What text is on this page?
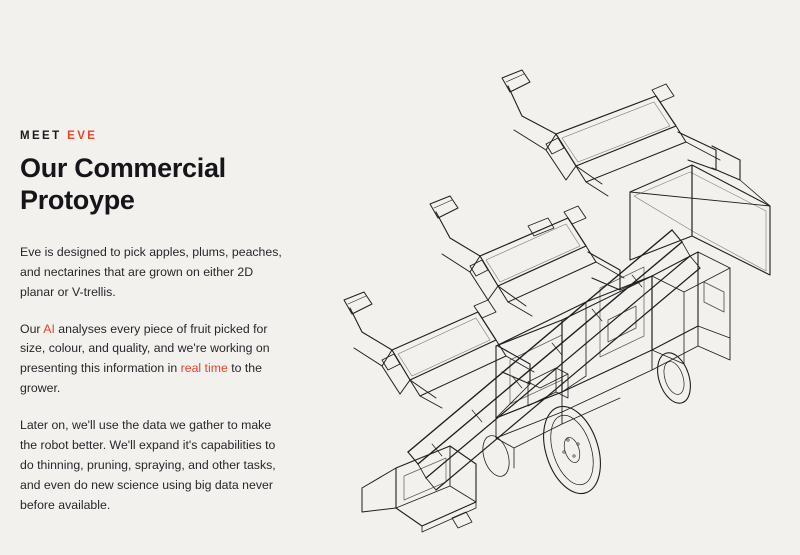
MEET EVE
Our Commercial Protoype

Eve is designed to pick apples, plums, peaches, and nectarines that are grown on either 2D planar or V-trellis.

Our AI analyses every piece of fruit picked for size, colour, and quality, and we're working on presenting this information in real time to the grower.

Later on, we'll use the data we gather to make the robot better. We'll expand it's capabilities to do thinning, pruning, spraying, and other tasks, and even do new science using big data never before available.
